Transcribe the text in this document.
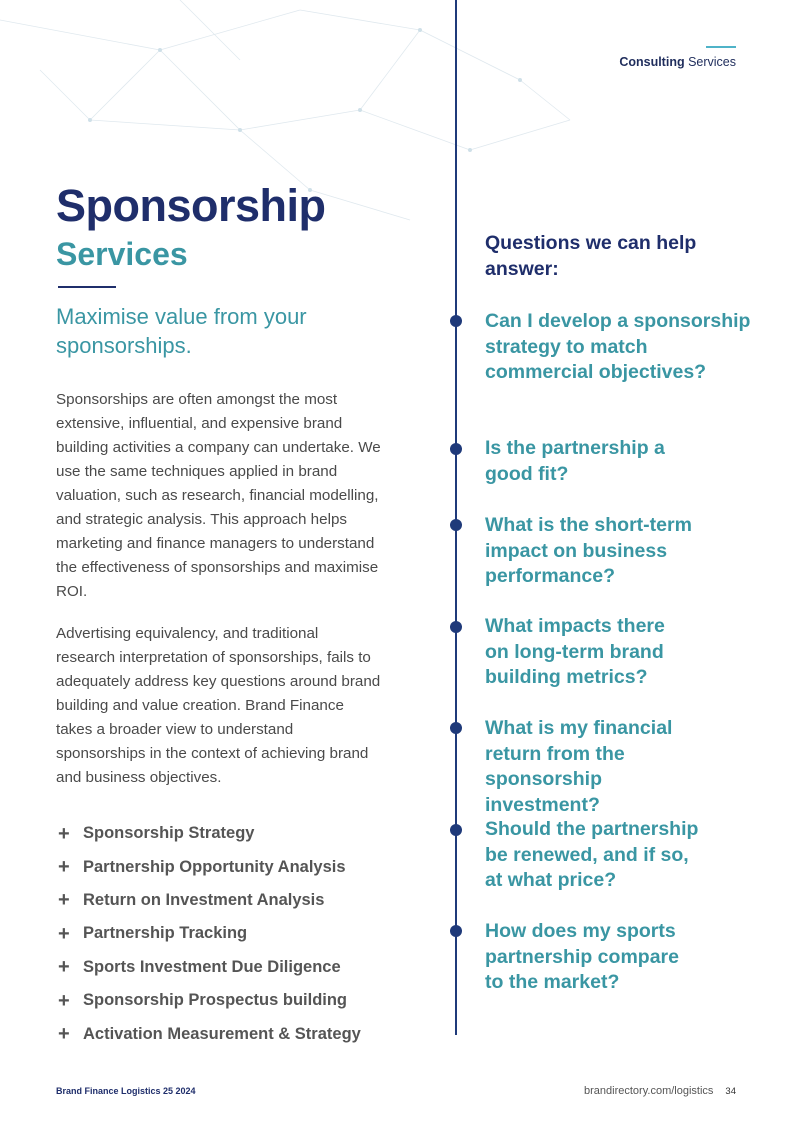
Consulting Services
Sponsorship
Services
Maximise value from your sponsorships.

Sponsorships are often amongst the most extensive, influential, and expensive brand building activities a company can undertake. We use the same techniques applied in brand valuation, such as research, financial modelling, and strategic analysis. This approach helps marketing and finance managers to understand the effectiveness of sponsorships and maximise ROI.

Advertising equivalency, and traditional research interpretation of sponsorships, fails to adequately address key questions around brand building and value creation. Brand Finance takes a broader view to understand sponsorships in the context of achieving brand and business objectives.

+ Sponsorship Strategy
+ Partnership Opportunity Analysis
+ Return on Investment Analysis
+ Partnership Tracking
+ Sports Investment Due Diligence
+ Sponsorship Prospectus building
+ Activation Measurement & Strategy
Questions we can help answer:
Can I develop a sponsorship strategy to match commercial objectives?
Is the partnership a good fit?
What is the short-term impact on business performance?
What impacts there on long-term brand building metrics?
What is my financial return from the sponsorship investment?
Should the partnership be renewed, and if so, at what price?
How does my sports partnership compare to the market?
Brand Finance Logistics 25 2024	brandirectory.com/logistics 34
